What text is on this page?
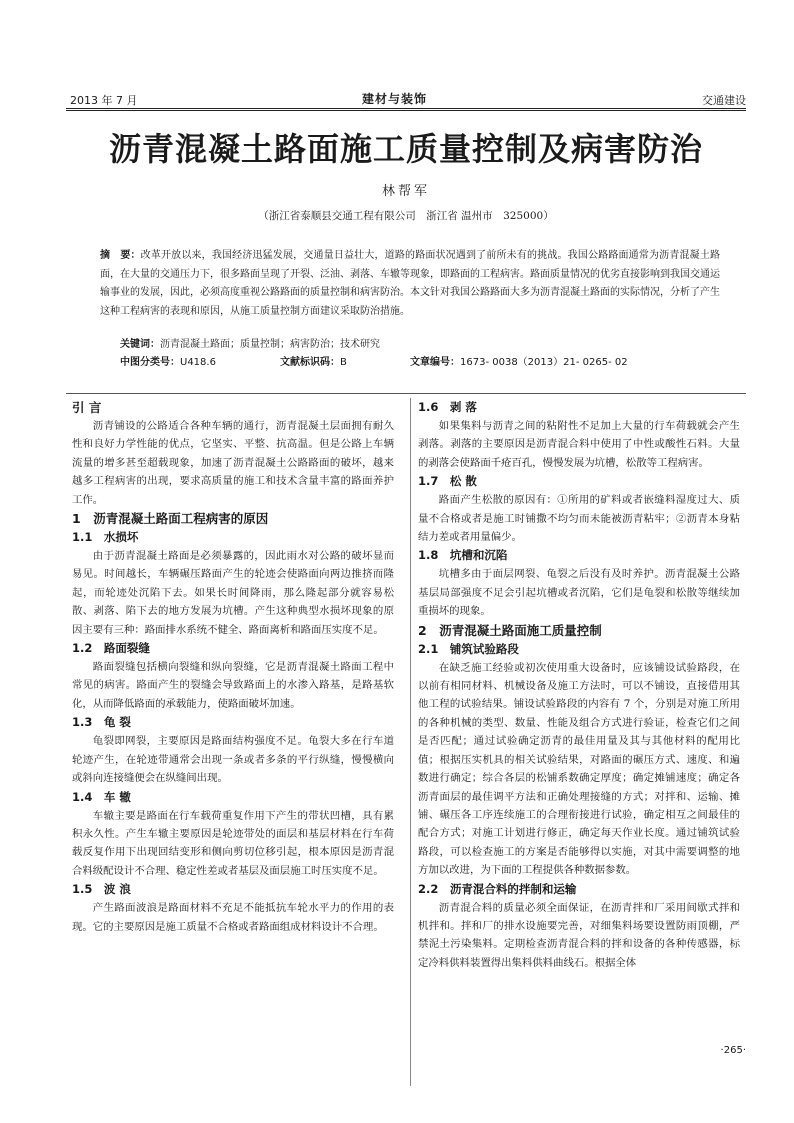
2013 年 7 月	建材与装饰	交通建设
沥青混凝土路面施工质量控制及病害防治
林帮军
（浙江省泰顺县交通工程有限公司　浙江省 温州市　325000）
摘　要：改革开放以来，我国经济迅猛发展，交通量日益壮大，道路的路面状况遇到了前所未有的挑战。我国公路路面通常为沥青混凝土路面，在大量的交通压力下，很多路面呈现了开裂、泛油、剥落、车辙等现象，即路面的工程病害。路面质量情况的优劣直接影响到我国交通运输事业的发展，因此，必须高度重视公路路面的质量控制和病害防治。本文针对我国公路路面大多为沥青混凝土路面的实际情况，分析了产生这种工程病害的表现和原因，从施工质量控制方面建议采取防治措施。
关键词：沥青混凝土路面；质量控制；病害防治；技术研究
中图分类号：U418.6	文献标识码：B	文章编号：1673- 0038（2013）21- 0265- 02
引 言

沥青铺设的公路适合各种车辆的通行，沥青混凝土层面拥有耐久性和良好力学性能的优点，它坚实、平整、抗高温。但是公路上车辆流量的增多甚至超载现象，加速了沥青混凝土公路路面的破坏，越来越多工程病害的出现，要求高质量的施工和技术含量丰富的路面养护工作。

1　沥青混凝土路面工程病害的原因
1.1　水损坏

由于沥青混凝土路面是必须暴露的，因此雨水对公路的破坏显而易见。时间越长，车辆碾压路面产生的轮迹会使路面向两边推挤而隆起，而轮迹处沉陷下去。如果长时间降雨，那么隆起部分就容易松散、剥落、陷下去的地方发展为坑槽。产生这种典型水损坏现象的原因主要有三种：路面排水系统不健全、路面离析和路面压实度不足。

1.2　路面裂缝

路面裂缝包括横向裂缝和纵向裂缝，它是沥青混凝土路面工程中常见的病害。路面产生的裂缝会导致路面上的水渗入路基，是路基软化，从而降低路面的承载能力，使路面破坏加速。

1.3　龟 裂

龟裂即网裂，主要原因是路面结构强度不足。龟裂大多在行车道轮迹产生，在轮迹带通常会出现一条或者多条的平行纵缝，慢慢横向或斜向连接缝便会在纵缝间出现。

1.4　车 辙

车辙主要是路面在行车载荷重复作用下产生的带状凹槽，具有累积永久性。产生车辙主要原因是轮迹带处的面层和基层材料在行车荷载反复作用下出现回结变形和侧向剪切位移引起，根本原因是沥青混合料级配设计不合理、稳定性差或者基层及面层施工时压实度不足。

1.5　波 浪

产生路面波浪是路面材料不充足不能抵抗车轮水平力的作用的表现。它的主要原因是施工质量不合格或者路面组成材料设计不合理。

1.6　剥 落

如果集料与沥青之间的粘附性不足加上大量的行车荷载就会产生剥落。剥落的主要原因是沥青混合料中使用了中性或酸性石料。大量的剥落会使路面千疮百孔，慢慢发展为坑槽，松散等工程病害。

1.7　松 散

路面产生松散的原因有：①所用的矿料或者嵌缝料湿度过大、质量不合格或者是施工时铺撒不均匀而未能被沥青粘牢；②沥青本身粘结力差或者用量偏少。

1.8　坑槽和沉陷

坑槽多由于面层网裂、龟裂之后没有及时养护。沥青混凝土公路基层局部强度不足会引起坑槽或者沉陷，它们是龟裂和松散等继续加重损坏的现象。

2　沥青混凝土路面施工质量控制
2.1　铺筑试验路段

在缺乏施工经验或初次使用重大设备时，应该铺设试验路段，在以前有相同材料、机械设备及施工方法时，可以不铺设，直接借用其他工程的试验结果。铺设试验路段的内容有 7 个，分别是对施工所用的各种机械的类型、数量、性能及组合方式进行验证，检查它们之间是否匹配；通过试验确定沥青的最佳用量及其与其他材料的配用比值；根据压实机具的相关试验结果，对路面的碾压方式、速度、和遍数进行确定；综合各层的松铺系数确定厚度；确定摊铺速度；确定各沥青面层的最佳调平方法和正确处理接缝的方式；对拌和、运输、摊铺、碾压各工序连续施工的合理衔接进行试验，确定相互之间最佳的配合方式；对施工计划进行修正，确定每天作业长度。通过铺筑试验路段，可以检查施工的方案是否能够得以实施，对其中需要调整的地方加以改进，为下面的工程提供各种数据参数。

2.2　沥青混合料的拌制和运输

沥青混合料的质量必须全面保证，在沥青拌和厂采用间歇式拌和机拌和。拌和厂的排水设施要完善，对细集料场要设置防雨顶棚，严禁泥土污染集料。定期检查沥青混合料的拌和设备的各种传感器，标定冷料供料装置得出集料供料曲线石。根据全体

·265·
